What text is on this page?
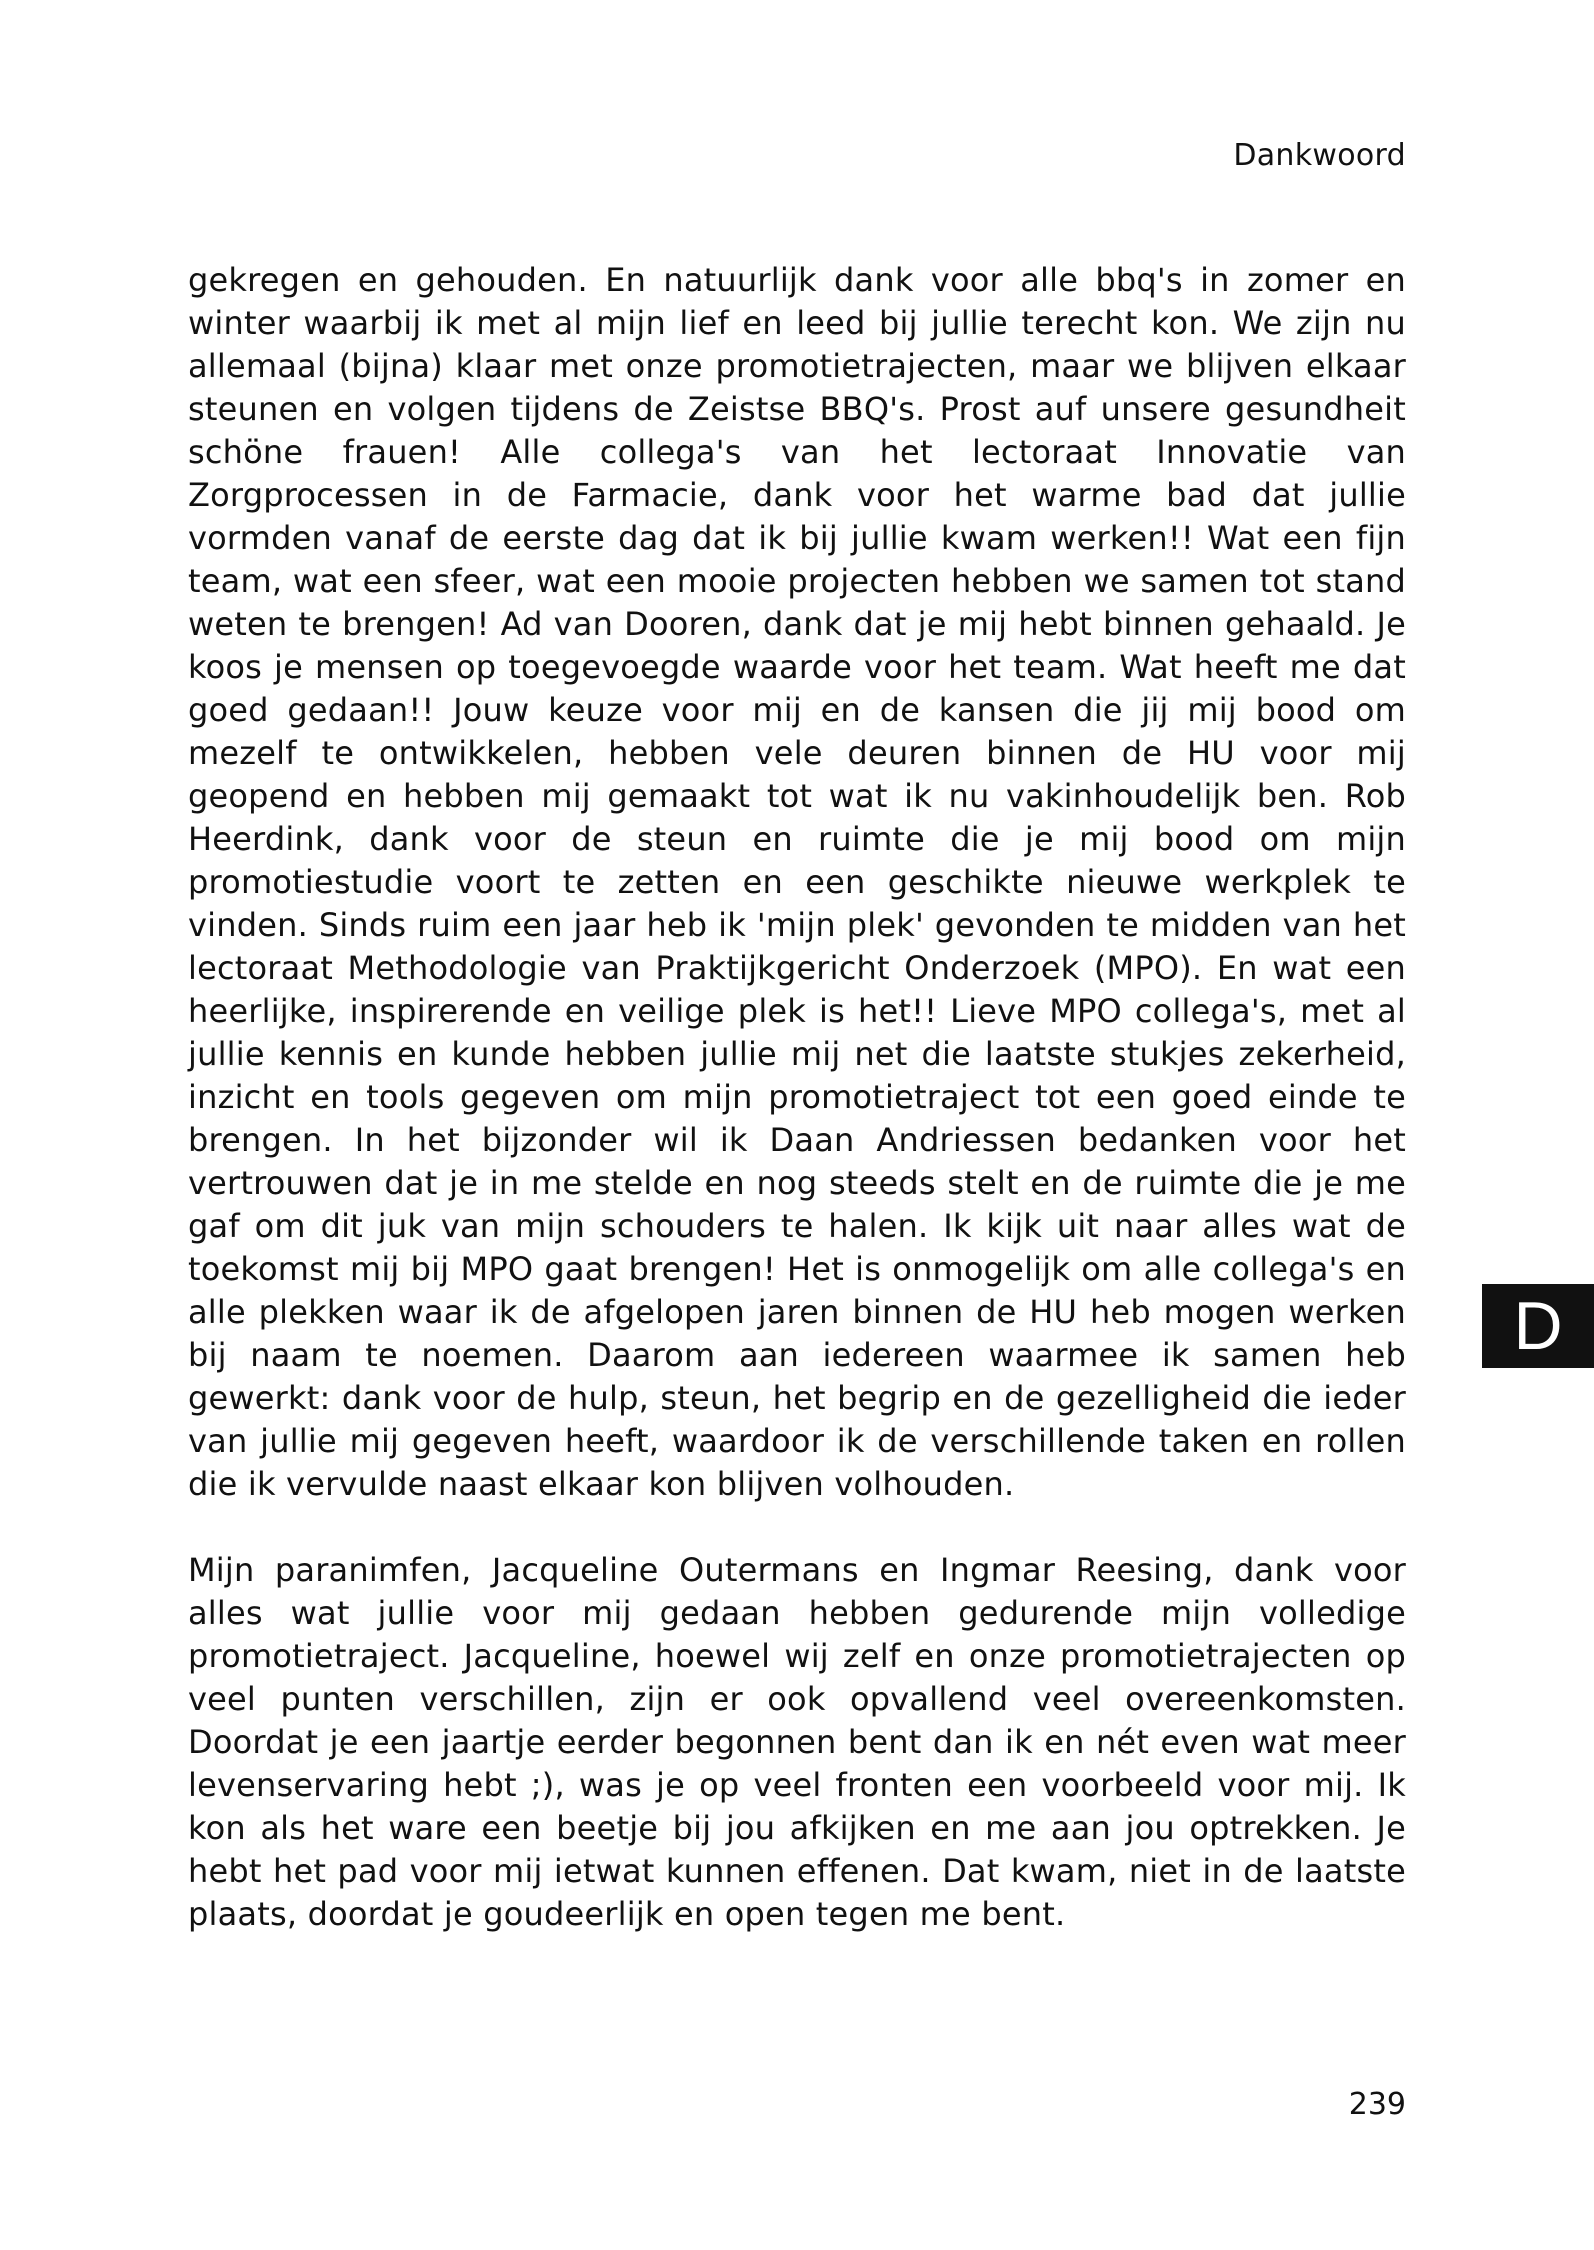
Dankwoord

gekregen en gehouden. En natuurlijk dank voor alle bbq's in zomer en winter waarbij ik met al mijn lief en leed bij jullie terecht kon. We zijn nu allemaal (bijna) klaar met onze promotietrajecten, maar we blijven elkaar steunen en volgen tijdens de Zeistse BBQ's. Prost auf unsere gesundheit schöne frauen! Alle collega's van het lectoraat Innovatie van Zorgprocessen in de Farmacie, dank voor het warme bad dat jullie vormden vanaf de eerste dag dat ik bij jullie kwam werken!! Wat een fijn team, wat een sfeer, wat een mooie projecten hebben we samen tot stand weten te brengen! Ad van Dooren, dank dat je mij hebt binnen gehaald. Je koos je mensen op toegevoegde waarde voor het team. Wat heeft me dat goed gedaan!! Jouw keuze voor mij en de kansen die jij mij bood om mezelf te ontwikkelen, hebben vele deuren binnen de HU voor mij geopend en hebben mij gemaakt tot wat ik nu vakinhoudelijk ben. Rob Heerdink, dank voor de steun en ruimte die je mij bood om mijn promotiestudie voort te zetten en een geschikte nieuwe werkplek te vinden. Sinds ruim een jaar heb ik 'mijn plek' gevonden te midden van het lectoraat Methodologie van Praktijkgericht Onderzoek (MPO). En wat een heerlijke, inspirerende en veilige plek is het!! Lieve MPO collega's, met al jullie kennis en kunde hebben jullie mij net die laatste stukjes zekerheid, inzicht en tools gegeven om mijn promotietraject tot een goed einde te brengen. In het bijzonder wil ik Daan Andriessen bedanken voor het vertrouwen dat je in me stelde en nog steeds stelt en de ruimte die je me gaf om dit juk van mijn schouders te halen. Ik kijk uit naar alles wat de toekomst mij bij MPO gaat brengen! Het is onmogelijk om alle collega's en alle plekken waar ik de afgelopen jaren binnen de HU heb mogen werken bij naam te noemen. Daarom aan iedereen waarmee ik samen heb gewerkt: dank voor de hulp, steun, het begrip en de gezelligheid die ieder van jullie mij gegeven heeft, waardoor ik de verschillende taken en rollen die ik vervulde naast elkaar kon blijven volhouden.

Mijn paranimfen, Jacqueline Outermans en Ingmar Reesing, dank voor alles wat jullie voor mij gedaan hebben gedurende mijn volledige promotietraject. Jacqueline, hoewel wij zelf en onze promotietrajecten op veel punten verschillen, zijn er ook opvallend veel overeenkomsten. Doordat je een jaartje eerder begonnen bent dan ik en nét even wat meer levenservaring hebt ;), was je op veel fronten een voorbeeld voor mij. Ik kon als het ware een beetje bij jou afkijken en me aan jou optrekken. Je hebt het pad voor mij ietwat kunnen effenen. Dat kwam, niet in de laatste plaats, doordat je goudeerlijk en open tegen me bent.

D
239
